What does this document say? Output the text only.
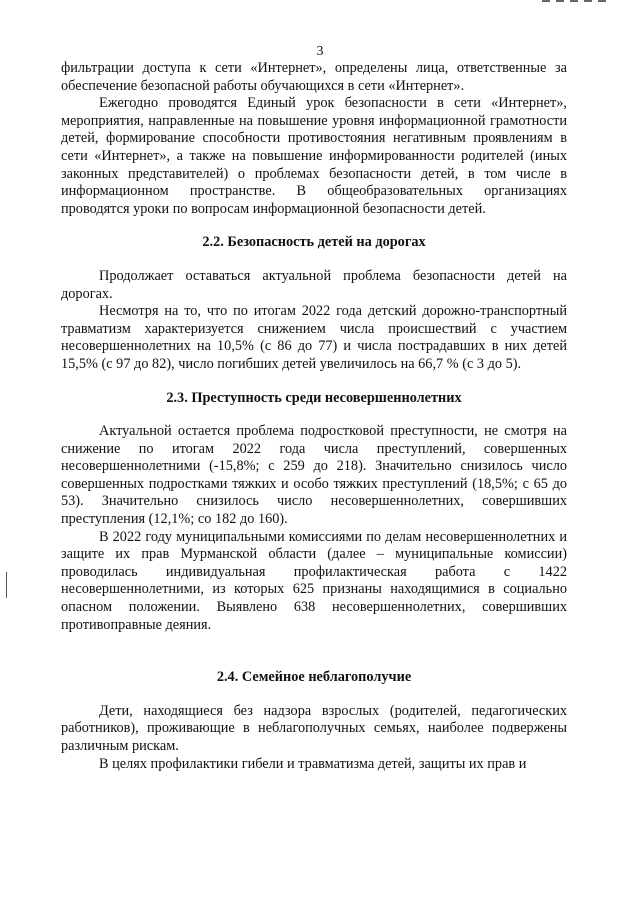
3

фильтрации доступа к сети «Интернет», определены лица, ответственные за обеспечение безопасной работы обучающихся в сети «Интернет».

Ежегодно проводятся Единый урок безопасности в сети «Интернет», мероприятия, направленные на повышение уровня информационной грамотности детей, формирование способности противостояния негативным проявлениям в сети «Интернет», а также на повышение информированности родителей (иных законных представителей) о проблемах безопасности детей, в том числе в информационном пространстве. В общеобразовательных организациях проводятся уроки по вопросам информационной безопасности детей.

2.2. Безопасность детей на дорогах

Продолжает оставаться актуальной проблема безопасности детей на дорогах.

Несмотря на то, что по итогам 2022 года детский дорожно-транспортный травматизм характеризуется снижением числа происшествий с участием несовершеннолетних на 10,5% (с 86 до 77) и числа пострадавших в них детей 15,5% (с 97 до 82), число погибших детей увеличилось на 66,7 % (с 3 до 5).

2.3. Преступность среди несовершеннолетних

Актуальной остается проблема подростковой преступности, не смотря на снижение по итогам 2022 года числа преступлений, совершенных несовершеннолетними (-15,8%; с 259 до 218). Значительно снизилось число совершенных подростками тяжких и особо тяжких преступлений (18,5%; с 65 до 53). Значительно снизилось число несовершеннолетних, совершивших преступления (12,1%; со 182 до 160).

В 2022 году муниципальными комиссиями по делам несовершеннолетних и защите их прав Мурманской области (далее – муниципальные комиссии) проводилась индивидуальная профилактическая работа с 1422 несовершеннолетними, из которых 625 признаны находящимися в социально опасном положении. Выявлено 638 несовершеннолетних, совершивших противоправные деяния.

2.4. Семейное неблагополучие

Дети, находящиеся без надзора взрослых (родителей, педагогических работников), проживающие в неблагополучных семьях, наиболее подвержены различным рискам.

В целях профилактики гибели и травматизма детей, защиты их прав и
